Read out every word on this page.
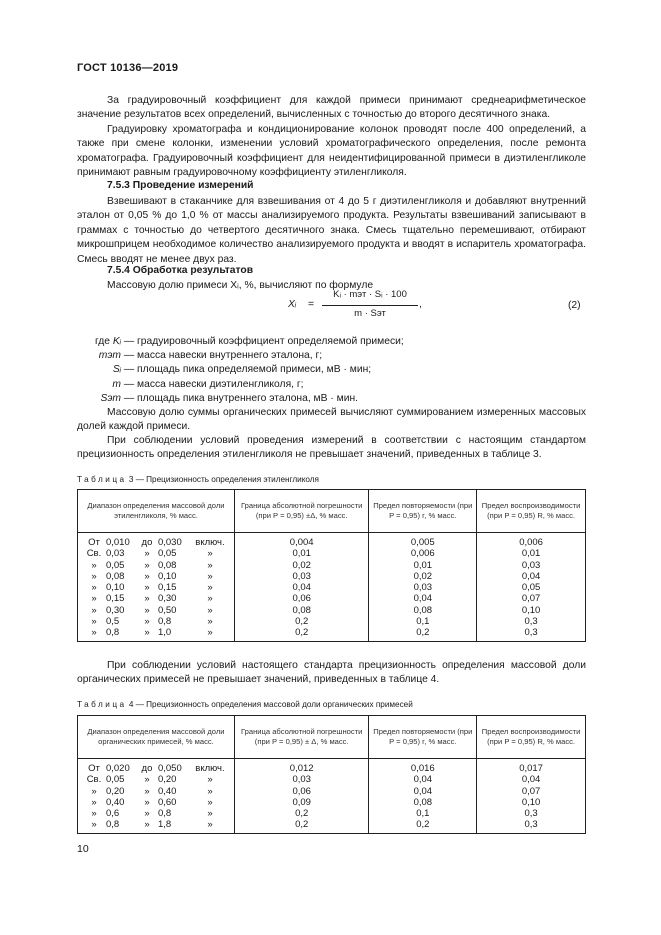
ГОСТ 10136—2019

За градуировочный коэффициент для каждой примеси принимают среднеарифметическое значение результатов всех определений, вычисленных с точностью до второго десятичного знака.

Градуировку хроматографа и кондиционирование колонок проводят после 400 определений, а также при смене колонки, изменении условий хроматографического определения, после ремонта хроматографа. Градуировочный коэффициент для неидентифицированной примеси в диэтиленгликоле принимают равным градуировочному коэффициенту этиленгликоля.

7.5.3 Проведение измерений

Взвешивают в стаканчике для взвешивания от 4 до 5 г диэтиленгликоля и добавляют внутренний эталон от 0,05 % до 1,0 % от массы анализируемого продукта. Результаты взвешиваний записывают в граммах с точностью до четвертого десятичного знака. Смесь тщательно перемешивают, отбирают микрошприцем необходимое количество анализируемого продукта и вводят в испаритель хроматографа. Смесь вводят не менее двух раз.

7.5.4 Обработка результатов

Массовую долю примеси Xᵢ, %, вычисляют по формуле

Xᵢ =
Kᵢ · mэт · Sᵢ · 100
m · Sэт
,	(2)
где Kᵢ — градуировочный коэффициент определяемой примеси;
mэт — масса навески внутреннего эталона, г;
Sᵢ — площадь пика определяемой примеси, мВ · мин;
m — масса навески диэтиленгликоля, г;
Sэт — площадь пика внутреннего эталона, мВ · мин.

Массовую долю суммы органических примесей вычисляют суммированием измеренных массовых долей каждой примеси.

При соблюдении условий проведения измерений в соответствии с настоящим стандартом прецизионность определения этиленгликоля не превышает значений, приведенных в таблице 3.

Таблица 3 — Прецизионность определения этиленгликоля
Диапазон определения массовой доли этиленгликоля, % масс.	Граница абсолютной погрешности (при P = 0,95) ±Δ, % масс.	Предел повторяемости (при P = 0,95) r, % масс.	Предел воспроизводимости (при P = 0,95) R, % масс.
От 0,010 до 0,030 включ.	0,004	0,005	0,006
Св. 0,03 » 0,05 »	0,01	0,006	0,01
» 0,05 » 0,08 »	0,02	0,01	0,03
» 0,08 » 0,10 »	0,03	0,02	0,04
» 0,10 » 0,15 »	0,04	0,03	0,05
» 0,15 » 0,30 »	0,06	0,04	0,07
» 0,30 » 0,50 »	0,08	0,08	0,10
» 0,5 » 0,8 »	0,2	0,1	0,3
» 0,8 » 1,0 »	0,2	0,2	0,3

При соблюдении условий настоящего стандарта прецизионность определения массовой доли органических примесей не превышает значений, приведенных в таблице 4.

Таблица 4 — Прецизионность определения массовой доли органических примесей
Диапазон определения массовой доли органических примесей, % масс.	Граница абсолютной погрешности (при P = 0,95) ± Δ, % масс.	Предел повторяемости (при P = 0,95) r, % масс.	Предел воспроизводимости (при P = 0,95) R, % масс.
От 0,020 до 0,050 включ.	0,012	0,016	0,017
Св. 0,05 » 0,20 »	0,03	0,04	0,04
» 0,20 » 0,40 »	0,06	0,04	0,07
» 0,40 » 0,60 »	0,09	0,08	0,10
» 0,6 » 0,8 »	0,2	0,1	0,3
» 0,8 » 1,8 »	0,2	0,2	0,3
10
